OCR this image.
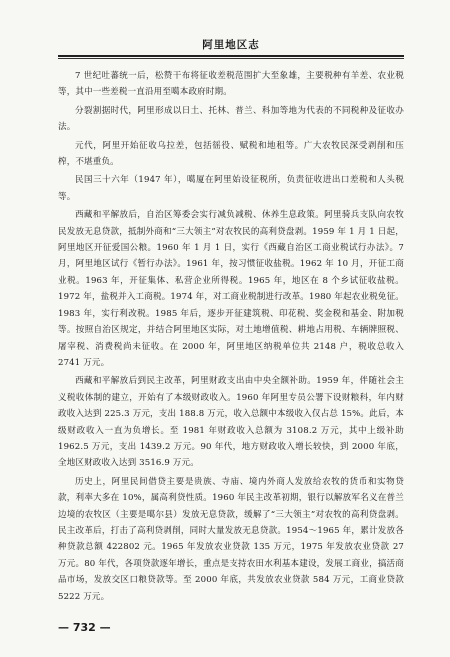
阿里地区志

7 世纪吐蕃统一后，松赞干布将征收差税范围扩大至象雄，主要税种有羊差、农业税等，其中一些差税一直沿用至噶本政府时期。

分裂割据时代，阿里形成以日土、托林、普兰、科加等地为代表的不同税种及征收办法。

元代，阿里开始征收乌拉差，包括徭役、赋税和地租等。广大农牧民深受剥削和压榨，不堪重负。

民国三十六年（1947 年），噶厦在阿里始设征税所，负责征收进出口差税和人头税等。

西藏和平解放后，自治区筹委会实行减负减税、休养生息政策。阿里骑兵支队向农牧民发放无息贷款，抵制外商和“三大领主”对农牧民的高利贷盘剥。1959 年 1 月 1 日起，阿里地区开征爱国公粮。1960 年 1 月 1 日，实行《西藏自治区工商业税试行办法》。7 月，阿里地区试行《暂行办法》。1961 年，按习惯征收盐税。1962 年 10 月，开征工商业税。1963 年，开征集体、私营企业所得税。1965 年，地区在 8 个乡试征收盐税。1972 年，盐税并入工商税。1974 年，对工商业税制进行改革。1980 年起农业税免征。1983 年，实行利改税。1985 年后，逐步开征建筑税、印花税、奖金税和基金、附加税等。按照自治区规定，并结合阿里地区实际，对土地增值税、耕地占用税、车辆牌照税、屠宰税、消费税尚未征收。在 2000 年，阿里地区纳税单位共 2148 户，税收总收入 2741 万元。

西藏和平解放后到民主改革，阿里财政支出由中央全额补助。1959 年，伴随社会主义税收体制的建立，开始有了本级财政收入。1960 年阿里专员公署下设财粮科，年内财政收入达到 225.3 万元，支出 188.8 万元，收入总额中本级收入仅占总 15%。此后，本级财政收入一直为负增长。至 1981 年财政收入总额为 3108.2 万元，其中上级补助 1962.5 万元，支出 1439.2 万元。90 年代，地方财政收入增长较快，到 2000 年底，全地区财政收入达到 3516.9 万元。

历史上，阿里民间借贷主要是贵族、寺庙、境内外商人发放给农牧的货币和实物贷款，利率大多在 10%，属高利贷性质。1960 年民主改革初期，银行以解放军名义在普兰边境的农牧区（主要是噶尔县）发放无息贷款，缓解了“三大领主”对农牧的高利贷盘剥。民主改革后，打击了高利贷剥削，同时大量发放无息贷款。1954～1965 年，累计发放各种贷款总额 422802 元。1965 年发放农业贷款 135 万元，1975 年发放农业贷款 27 万元。80 年代，各项贷款逐年增长，重点是支持农田水利基本建设，发展工商业，搞活商品市场，发放交区口粮贷款等。至 2000 年底，共发放农业贷款 584 万元，工商业贷款 5222 万元。

— 732 —
